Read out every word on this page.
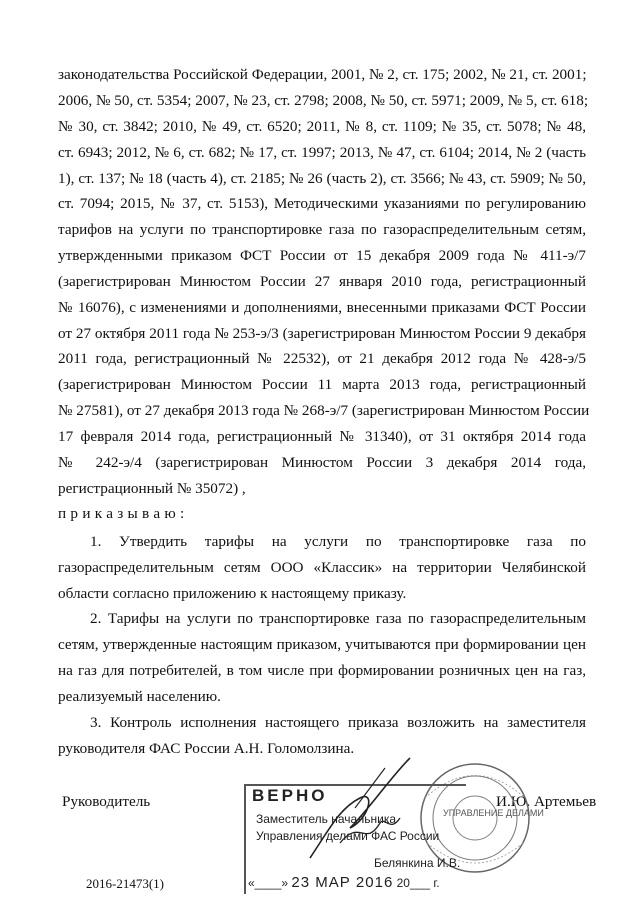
законодательства Российской Федерации, 2001, № 2, ст. 175; 2002, № 21, ст. 2001;
2006, № 50, ст. 5354; 2007, № 23, ст. 2798; 2008, № 50, ст. 5971; 2009, № 5, ст. 618;
№ 30, ст. 3842; 2010, № 49, ст. 6520; 2011, № 8, ст. 1109; № 35, ст. 5078; № 48,
ст. 6943; 2012, № 6, ст. 682; № 17, ст. 1997; 2013, № 47, ст. 6104; 2014, № 2 (часть
1), ст. 137; № 18 (часть 4), ст. 2185; № 26 (часть 2), ст. 3566; № 43, ст. 5909; № 50,
ст. 7094; 2015, № 37, ст. 5153), Методическими указаниями по регулированию
тарифов на услуги по транспортировке газа по газораспределительным сетям,
утвержденными приказом ФСТ России от 15 декабря 2009 года № 411-э/7
(зарегистрирован Минюстом России 27 января 2010 года, регистрационный
№ 16076), с изменениями и дополнениями, внесенными приказами ФСТ России
от 27 октября 2011 года № 253-э/3 (зарегистрирован Минюстом России 9 декабря
2011 года, регистрационный № 22532), от 21 декабря 2012 года № 428-э/5
(зарегистрирован Минюстом России 11 марта 2013 года, регистрационный
№ 27581), от 27 декабря 2013 года № 268-э/7 (зарегистрирован Минюстом России
17 февраля 2014 года, регистрационный № 31340), от 31 октября 2014 года
№ 242-э/4 (зарегистрирован Минюстом России 3 декабря 2014 года,
регистрационный № 35072) ,
приказываю:
1. Утвердить тарифы на услуги по транспортировке газа по
газораспределительным сетям ООО «Классик» на территории Челябинской
области согласно приложению к настоящему приказу.
2. Тарифы на услуги по транспортировке газа по газораспределительным
сетям, утвержденные настоящим приказом, учитываются при формировании цен
на газ для потребителей, в том числе при формировании розничных цен на газ,
реализуемый населению.
3. Контроль исполнения настоящего приказа возложить на заместителя
руководителя ФАС России А.Н. Голомолзина.
Руководитель	И.Ю. Артемьев
УПРАВЛЕНИЕ ДЕЛАМИ
ВЕРНО
Заместитель начальника
Управления делами ФАС России
Белянкина И.В.
«____» 23 МАР 2016 20___ г.
2016-21473(1)
